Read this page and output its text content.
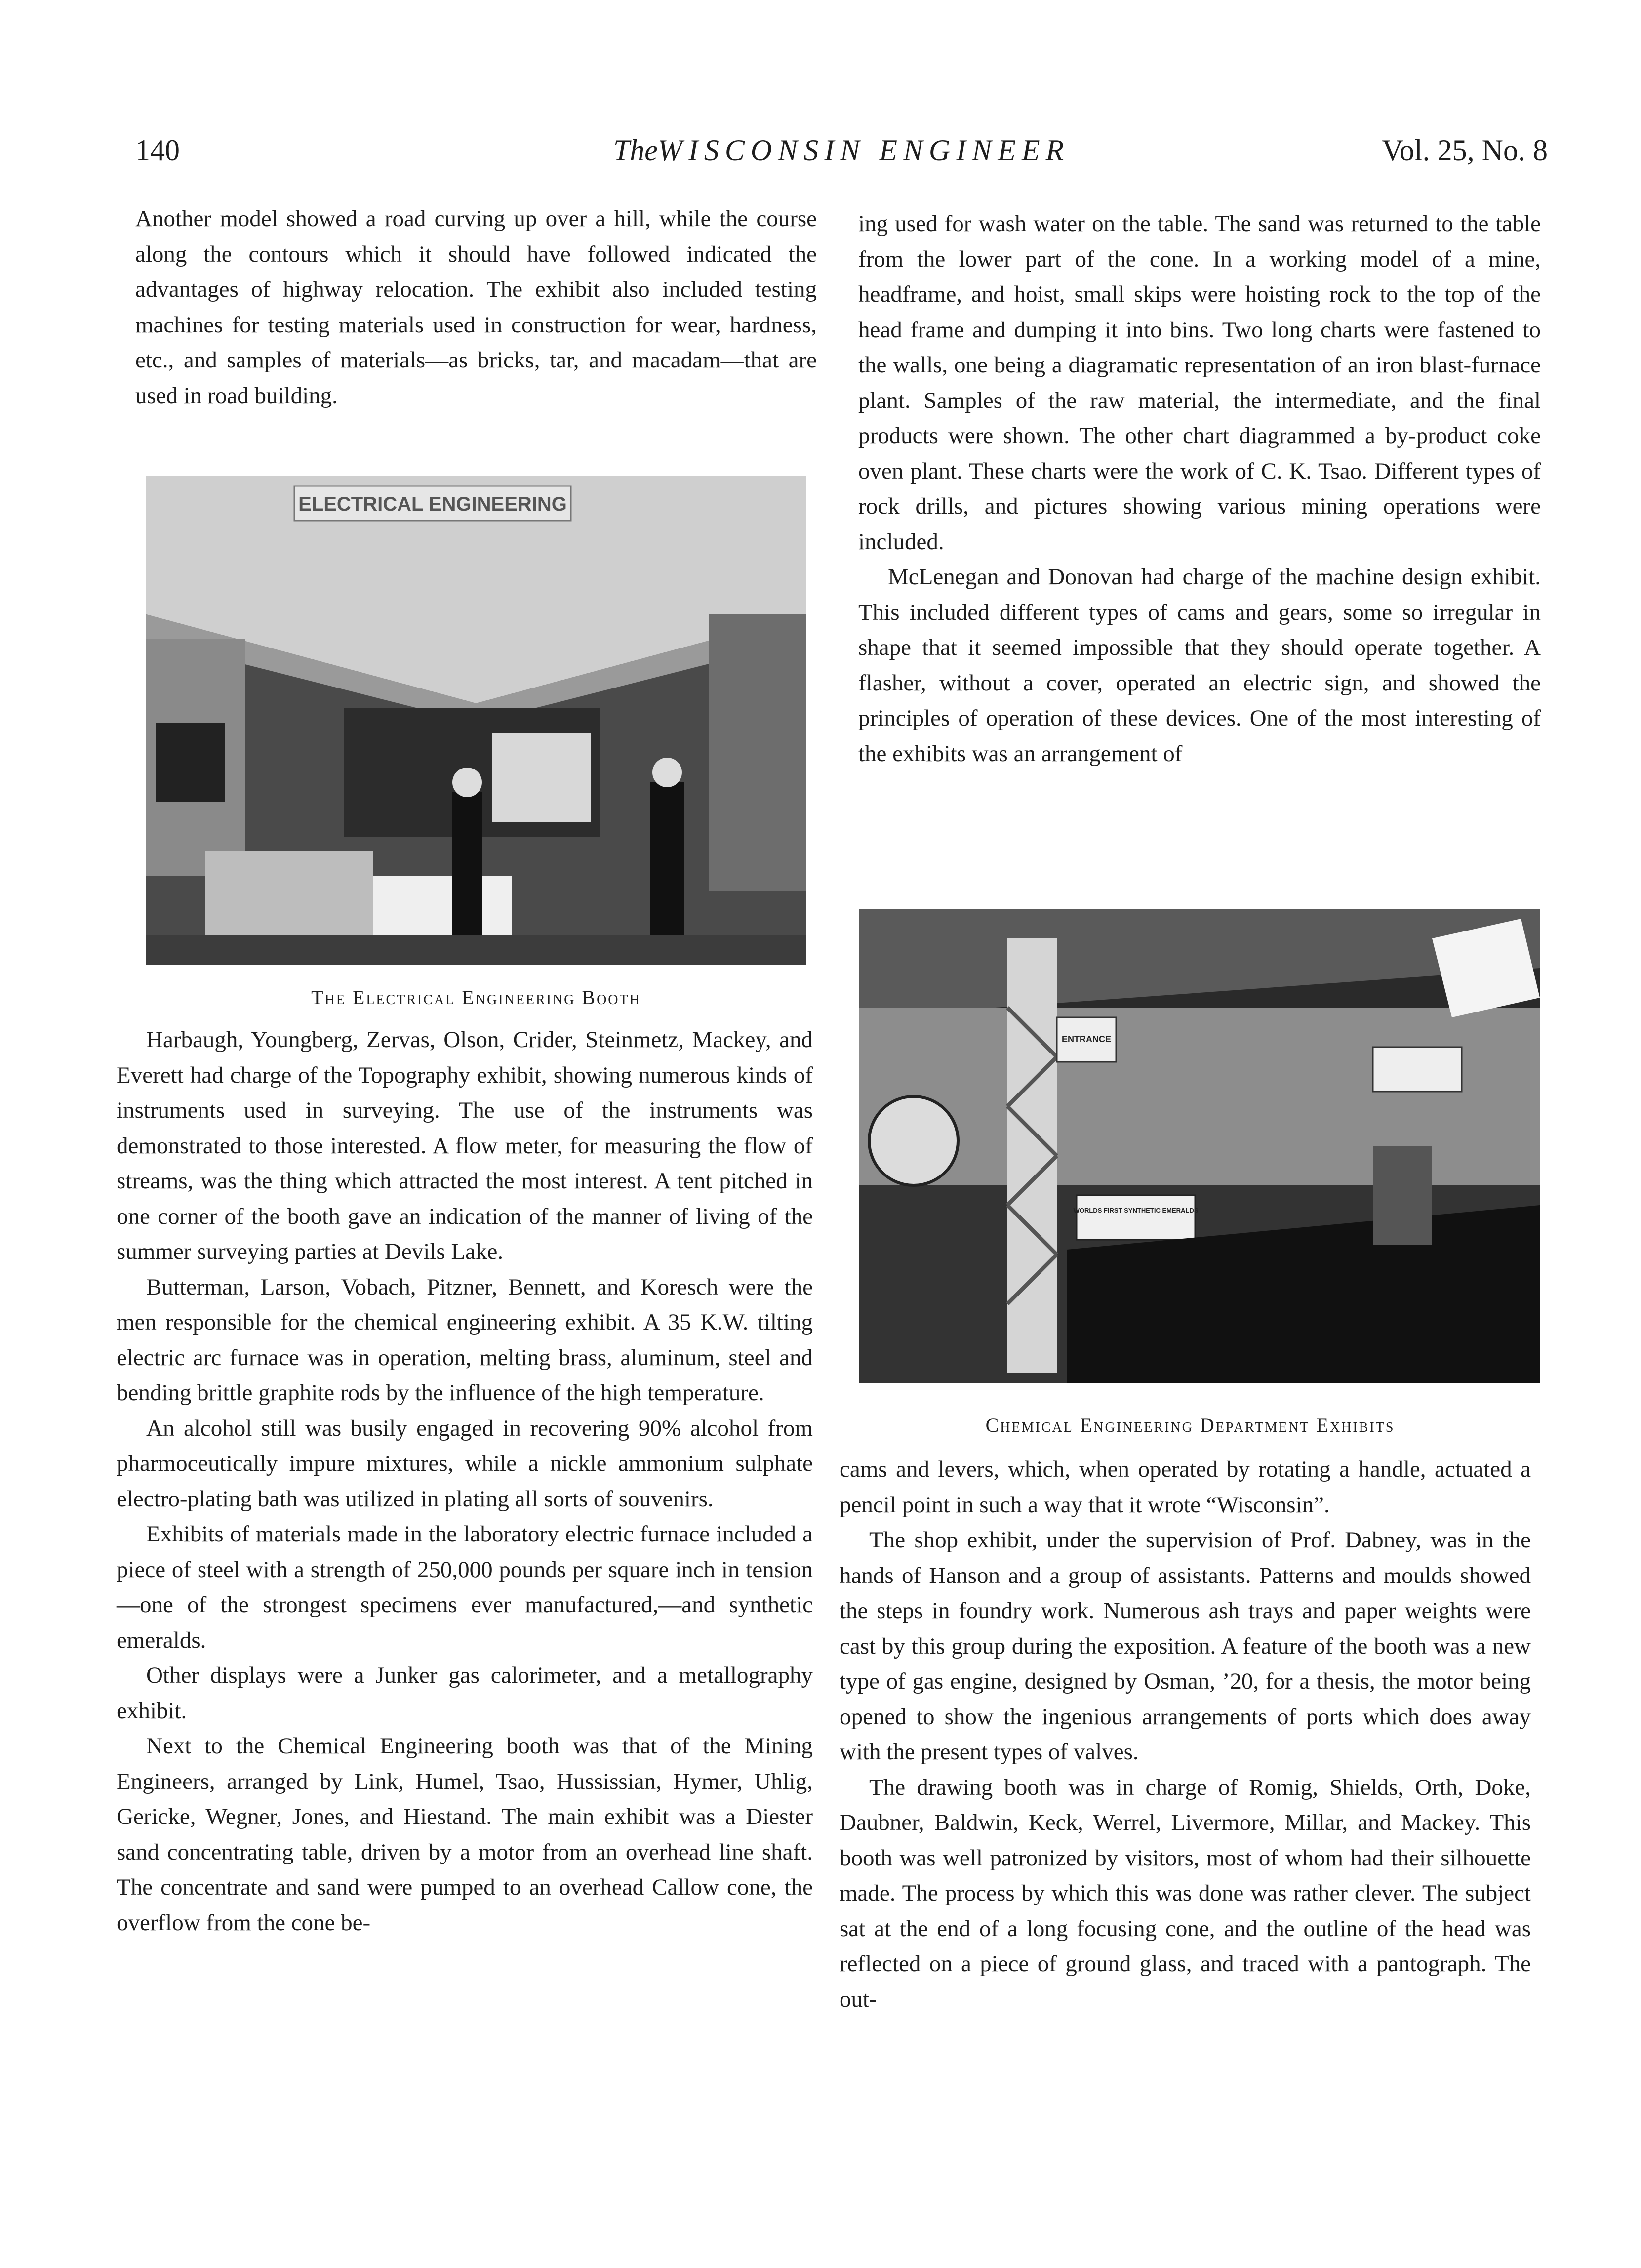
140	TheWISCONSIN ENGINEER	Vol. 25, No. 8

Another model showed a road curving up over a hill, while the course along the contours which it should have followed indicated the advantages of highway relocation. The exhibit also included testing machines for testing materials used in construction for wear, hardness, etc., and samples of materials—as bricks, tar, and macadam—that are used in road building.

ELECTRICAL ENGINEERING
The Electrical Engineering Booth

Harbaugh, Youngberg, Zervas, Olson, Crider, Steinmetz, Mackey, and Everett had charge of the Topography exhibit, showing numerous kinds of instruments used in surveying. The use of the instruments was demonstrated to those interested. A flow meter, for measuring the flow of streams, was the thing which attracted the most interest. A tent pitched in one corner of the booth gave an indication of the manner of living of the summer surveying parties at Devils Lake.

Butterman, Larson, Vobach, Pitzner, Bennett, and Koresch were the men responsible for the chemical engineering exhibit. A 35 K.W. tilting electric arc furnace was in operation, melting brass, aluminum, steel and bending brittle graphite rods by the influence of the high temperature.

An alcohol still was busily engaged in recovering 90% alcohol from pharmoceutically impure mixtures, while a nickle ammonium sulphate electro-plating bath was utilized in plating all sorts of souvenirs.

Exhibits of materials made in the laboratory electric furnace included a piece of steel with a strength of 250,000 pounds per square inch in tension—one of the strongest specimens ever manufactured,—and synthetic emeralds.

Other displays were a Junker gas calorimeter, and a metallography exhibit.

Next to the Chemical Engineering booth was that of the Mining Engineers, arranged by Link, Humel, Tsao, Hussissian, Hymer, Uhlig, Gericke, Wegner, Jones, and Hiestand. The main exhibit was a Diester sand concentrating table, driven by a motor from an overhead line shaft. The concentrate and sand were pumped to an overhead Callow cone, the overflow from the cone be-

ing used for wash water on the table. The sand was returned to the table from the lower part of the cone. In a working model of a mine, headframe, and hoist, small skips were hoisting rock to the top of the head frame and dumping it into bins. Two long charts were fastened to the walls, one being a diagramatic representation of an iron blast-furnace plant. Samples of the raw material, the intermediate, and the final products were shown. The other chart diagrammed a by-product coke oven plant. These charts were the work of C. K. Tsao. Different types of rock drills, and pictures showing various mining operations were included.

McLenegan and Donovan had charge of the machine design exhibit. This included different types of cams and gears, some so irregular in shape that it seemed impossible that they should operate together. A flasher, without a cover, operated an electric sign, and showed the principles of operation of these devices. One of the most interesting of the exhibits was an arrangement of

ENTRANCE
WORLDS FIRST SYNTHETIC EMERALDS
Chemical Engineering Department Exhibits

cams and levers, which, when operated by rotating a handle, actuated a pencil point in such a way that it wrote “Wisconsin”.

The shop exhibit, under the supervision of Prof. Dabney, was in the hands of Hanson and a group of assistants. Patterns and moulds showed the steps in foundry work. Numerous ash trays and paper weights were cast by this group during the exposition. A feature of the booth was a new type of gas engine, designed by Osman, ’20, for a thesis, the motor being opened to show the ingenious arrangements of ports which does away with the present types of valves.

The drawing booth was in charge of Romig, Shields, Orth, Doke, Daubner, Baldwin, Keck, Werrel, Livermore, Millar, and Mackey. This booth was well patronized by visitors, most of whom had their silhouette made. The process by which this was done was rather clever. The subject sat at the end of a long focusing cone, and the outline of the head was reflected on a piece of ground glass, and traced with a pantograph. The out-
